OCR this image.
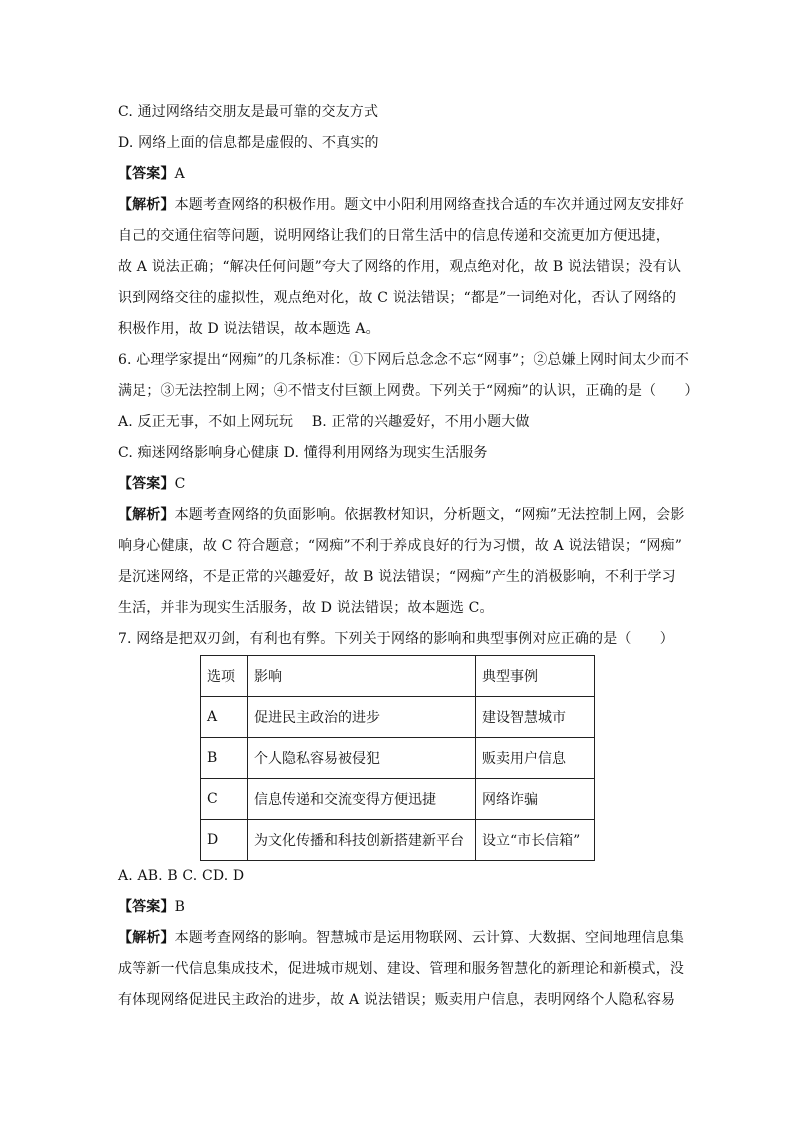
C. 通过网络结交朋友是最可靠的交友方式

D. 网络上面的信息都是虚假的、不真实的

【答案】A

【解析】本题考查网络的积极作用。题文中小阳利用网络查找合适的车次并通过网友安排好

自己的交通住宿等问题，说明网络让我们的日常生活中的信息传递和交流更加方便迅捷，

故 A 说法正确；“解决任何问题”夸大了网络的作用，观点绝对化，故 B 说法错误；没有认

识到网络交往的虚拟性，观点绝对化，故 C 说法错误；“都是”一词绝对化，否认了网络的

积极作用，故 D 说法错误，故本题选 A。

6. 心理学家提出“网痴”的几条标准：①下网后总念念不忘“网事”；②总嫌上网时间太少而不

满足；③无法控制上网；④不惜支付巨额上网费。下列关于“网痴”的认识，正确的是（　　）

A. 反正无事，不如上网玩玩　 B. 正常的兴趣爱好，不用小题大做

C. 痴迷网络影响身心健康 D. 懂得利用网络为现实生活服务

【答案】C

【解析】本题考查网络的负面影响。依据教材知识，分析题文，“网痴”无法控制上网，会影

响身心健康，故 C 符合题意；“网痴”不利于养成良好的行为习惯，故 A 说法错误；“网痴”

是沉迷网络，不是正常的兴趣爱好，故 B 说法错误；“网痴”产生的消极影响，不利于学习

生活，并非为现实生活服务，故 D 说法错误；故本题选 C。

7. 网络是把双刃剑，有利也有弊。下列关于网络的影响和典型事例对应正确的是（　　）

选项	影响	典型事例
A	促进民主政治的进步	建设智慧城市
B	个人隐私容易被侵犯	贩卖用户信息
C	信息传递和交流变得方便迅捷	网络诈骗
D	为文化传播和科技创新搭建新平台	设立“市长信箱”

A. AB. B C. CD. D

【答案】B

【解析】本题考查网络的影响。智慧城市是运用物联网、云计算、大数据、空间地理信息集

成等新一代信息集成技术，促进城市规划、建设、管理和服务智慧化的新理论和新模式，没

有体现网络促进民主政治的进步，故 A 说法错误；贩卖用户信息，表明网络个人隐私容易
